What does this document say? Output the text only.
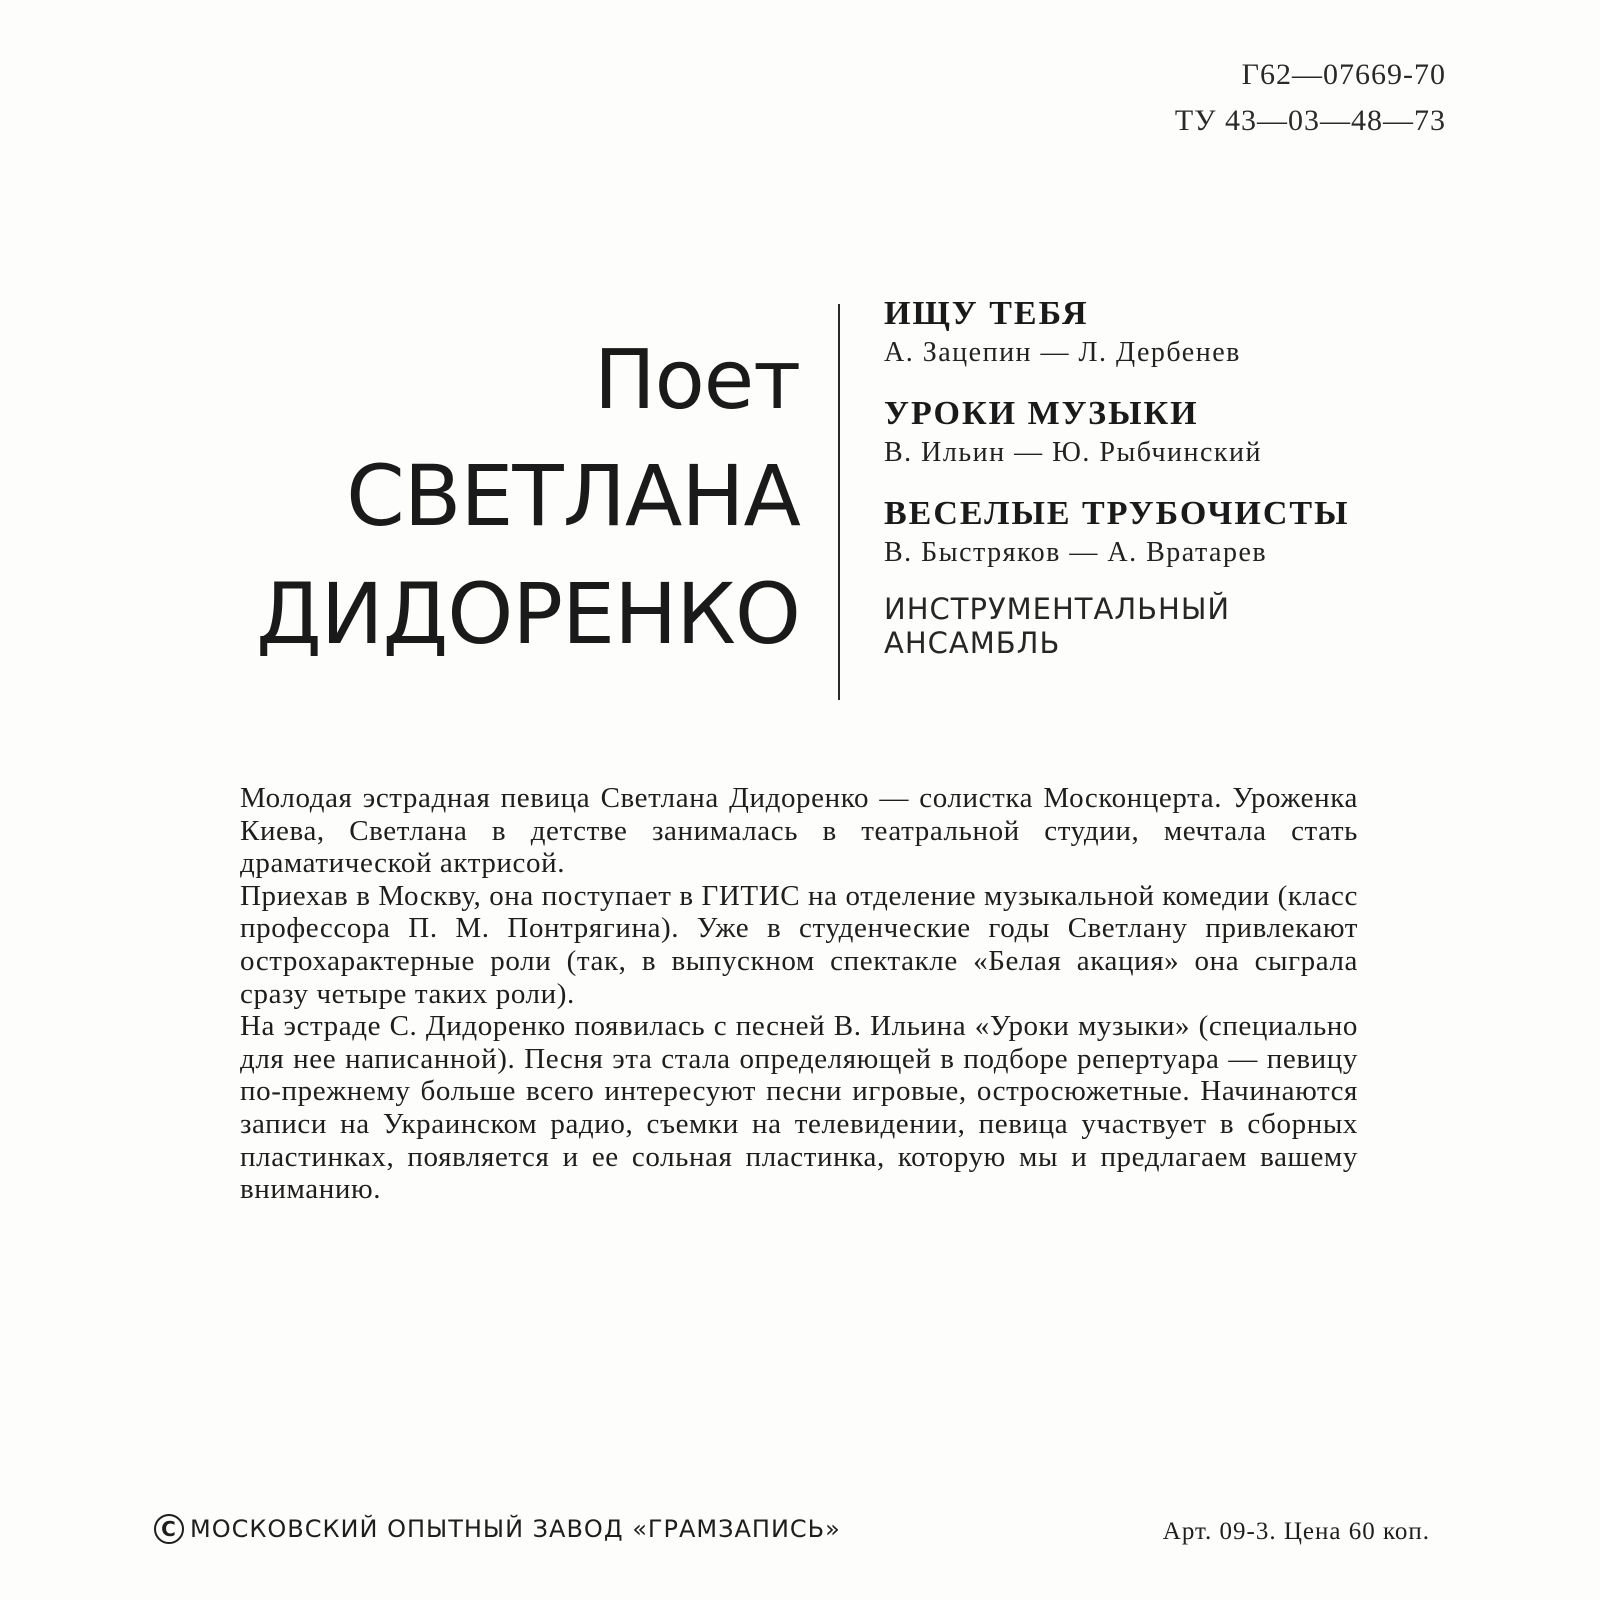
Г62—07669-70
ТУ 43—03—48—73
Поет
СВЕТЛАНА
ДИДОРЕНКО
ИЩУ ТЕБЯ
А. Зацепин — Л. Дербенев
УРОКИ МУЗЫКИ
В. Ильин — Ю. Рыбчинский
ВЕСЕЛЫЕ ТРУБОЧИСТЫ
В. Быстряков — А. Вратарев
ИНСТРУМЕНТАЛЬНЫЙ
АНСАМБЛЬ

Молодая эстрадная певица Светлана Дидоренко — солистка Москонцерта. Уроженка Киева, Светлана в детстве занималась в театральной студии, мечтала стать драматической актрисой.

Приехав в Москву, она поступает в ГИТИС на отделение музыкальной комедии (класс профессора П. М. Понтрягина). Уже в студенческие годы Светлану привлекают острохарактерные роли (так, в выпускном спектакле «Белая акация» она сыграла сразу четыре таких роли).

На эстраде С. Дидоренко появилась с песней В. Ильина «Уроки музыки» (специально для нее написанной). Песня эта стала определяющей в подборе репертуара — певицу по-прежнему больше всего интересуют песни игровые, остросюжетные. Начинаются записи на Украинском радио, съемки на телевидении, певица участвует в сборных пластинках, появляется и ее сольная пластинка, которую мы и предлагаем вашему вниманию.

С МОСКОВСКИЙ ОПЫТНЫЙ ЗАВОД «ГРАМЗАПИСЬ»	Арт. 09-3. Цена 60 коп.
